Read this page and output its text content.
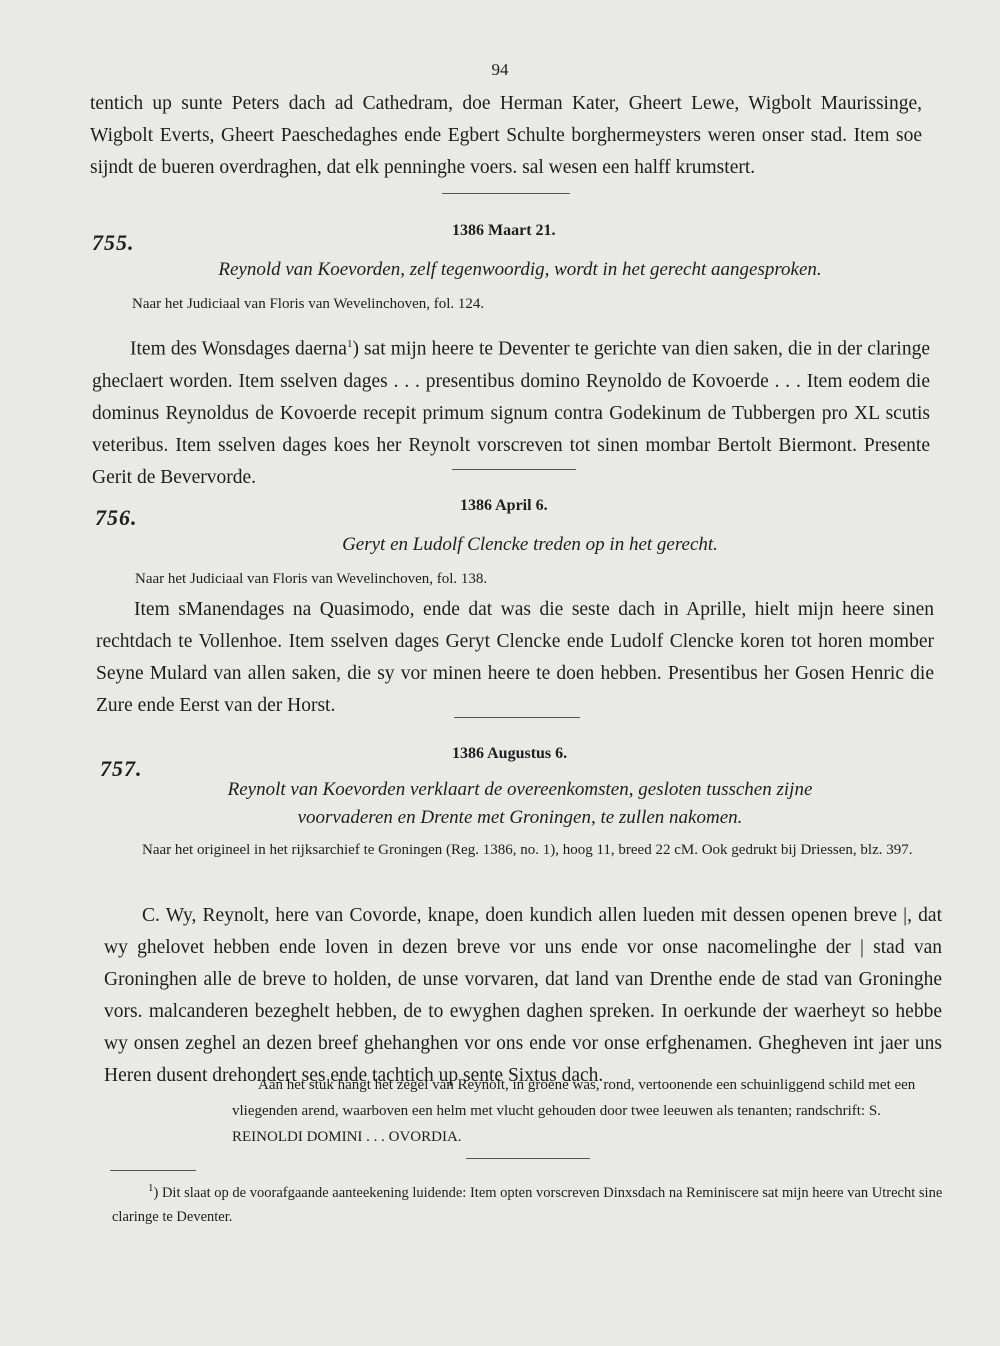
94

tentich up sunte Peters dach ad Cathedram, doe Herman Kater, Gheert Lewe, Wigbolt Maurissinge, Wigbolt Everts, Gheert Paeschedaghes ende Egbert Schulte borghermeysters weren onser stad. Item soe sijndt de bueren overdraghen, dat elk penninghe voers. sal wesen een halff krumstert.

755.	1386 Maart 21.

Reynold van Koevorden, zelf tegenwoordig, wordt in het gerecht aangesproken.

Naar het Judiciaal van Floris van Wevelinchoven, fol. 124.

Item des Wonsdages daerna$^1$) sat mijn heere te Deventer te gerichte van dien saken, die in der claringe gheclaert worden. Item sselven dages . . . presentibus domino Reynoldo de Kovoerde . . . Item eodem die dominus Reynoldus de Kovoerde recepit primum signum contra Godekinum de Tubbergen pro XL scutis veteribus. Item sselven dages koes her Reynolt vorscreven tot sinen mombar Bertolt Biermont. Presente Gerit de Bevervorde.

756.	1386 April 6.

Geryt en Ludolf Clencke treden op in het gerecht.

Naar het Judiciaal van Floris van Wevelinchoven, fol. 138.

Item sManendages na Quasimodo, ende dat was die seste dach in Aprille, hielt mijn heere sinen rechtdach te Vollenhoe. Item sselven dages Geryt Clencke ende Ludolf Clencke koren tot horen momber Seyne Mulard van allen saken, die sy vor minen heere te doen hebben. Presentibus her Gosen Henric die Zure ende Eerst van der Horst.

757.
1386 Augustus 6.

Reynolt van Koevorden verklaart de overeenkomsten, gesloten tusschen zijne

voorvaderen en Drente met Groningen, te zullen nakomen.

Naar het origineel in het rijksarchief te Groningen (Reg. 1386, no. 1), hoog 11, breed 22 cM. Ook gedrukt bij Driessen, blz. 397.

C. Wy, Reynolt, here van Covorde, knape, doen kundich allen lueden mit dessen openen breve |, dat wy ghelovet hebben ende loven in dezen breve vor uns ende vor onse nacomelinghe der | stad van Groninghen alle de breve to holden, de unse vorvaren, dat land van Drenthe ende de stad van Groninghe vors. malcanderen bezeghelt hebben, de to ewyghen daghen spreken. In oerkunde der waerheyt so hebbe wy onsen zeghel an dezen breef ghehanghen vor ons ende vor onse erfghenamen. Ghegheven int jaer uns Heren dusent drehondert ses ende tachtich up sente Sixtus dach.

Aan het stuk hangt het zegel van Reynolt, in groene was, rond, vertoonende een schuinliggend schild met een vliegenden arend, waarboven een helm met vlucht gehouden door twee leeuwen als tenanten; randschrift: S. REINOLDI DOMINI . . . OVORDIA.

$^1$) Dit slaat op de voorafgaande aanteekening luidende: Item opten vorscreven Dinxsdach na Reminiscere sat mijn heere van Utrecht sine claringe te Deventer.
